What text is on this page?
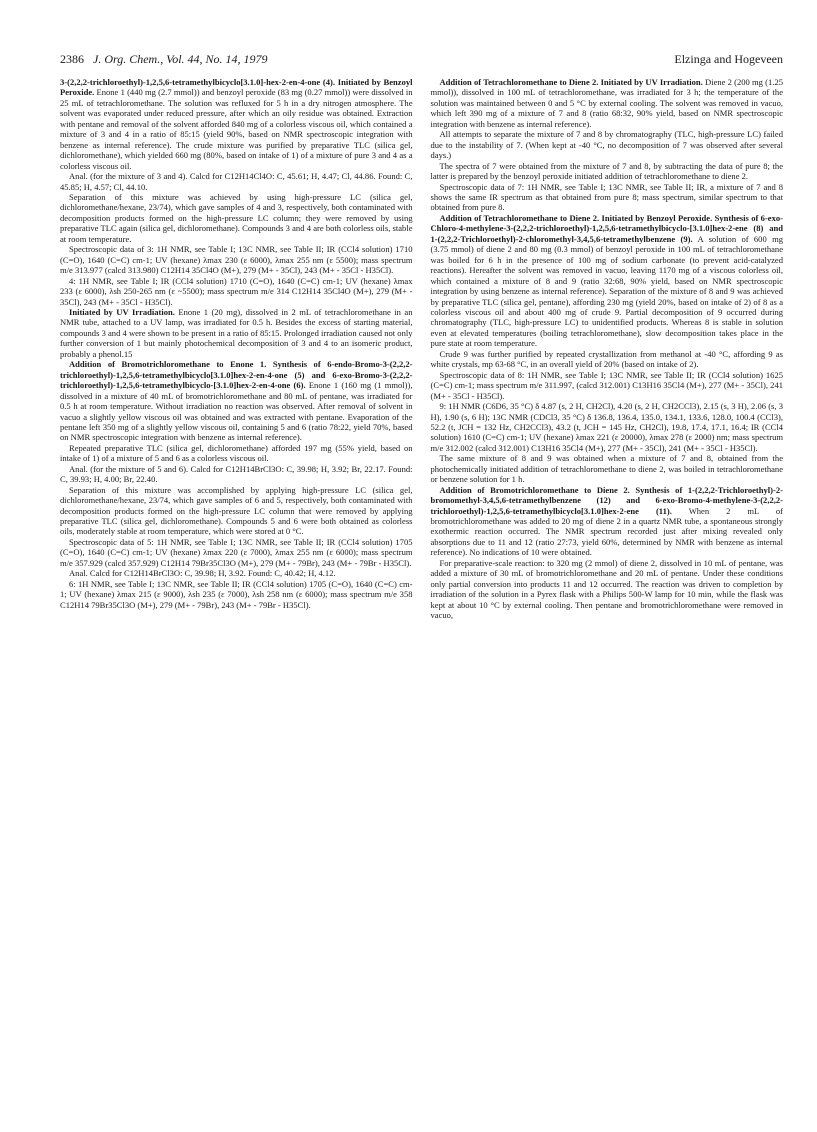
2386 J. Org. Chem., Vol. 44, No. 14, 1979	Elzinga and Hogeveen

3-(2,2,2-trichloroethyl)-1,2,5,6-tetramethylbicyclo[3.1.0]-hex-2-en-4-one (4). Initiated by Benzoyl Peroxide. Enone 1 (440 mg (2.7 mmol)) and benzoyl peroxide (83 mg (0.27 mmol)) were dissolved in 25 mL of tetrachloromethane. The solution was refluxed for 5 h in a dry nitrogen atmosphere. The solvent was evaporated under reduced pressure, after which an oily residue was obtained. Extraction with pentane and removal of the solvent afforded 840 mg of a colorless viscous oil, which contained a mixture of 3 and 4 in a ratio of 85:15 (yield 90%, based on NMR spectroscopic integration with benzene as internal reference). The crude mixture was purified by preparative TLC (silica gel, dichloromethane), which yielded 660 mg (80%, based on intake of 1) of a mixture of pure 3 and 4 as a colorless viscous oil.

Anal. (for the mixture of 3 and 4). Calcd for C12H14Cl4O: C, 45.61; H, 4.47; Cl, 44.86. Found: C, 45.85; H, 4.57; Cl, 44.10.

Separation of this mixture was achieved by using high-pressure LC (silica gel, dichloromethane/hexane, 23/74), which gave samples of 4 and 3, respectively, both contaminated with decomposition products formed on the high-pressure LC column; they were removed by using preparative TLC again (silica gel, dichloromethane). Compounds 3 and 4 are both colorless oils, stable at room temperature.

Spectroscopic data of 3: 1H NMR, see Table I; 13C NMR, see Table II; IR (CCl4 solution) 1710 (C=O), 1640 (C=C) cm-1; UV (hexane) λmax 230 (ε 6000), λmax 255 nm (ε 5500); mass spectrum m/e 313.977 (calcd 313.980) C12H14 35Cl4O (M+), 279 (M+ - 35Cl), 243 (M+ - 35Cl - H35Cl).

4: 1H NMR, see Table I; IR (CCl4 solution) 1710 (C=O), 1640 (C=C) cm-1; UV (hexane) λmax 233 (ε 6000), λsh 250-265 nm (ε ~5500); mass spectrum m/e 314 C12H14 35Cl4O (M+), 279 (M+ - 35Cl), 243 (M+ - 35Cl - H35Cl).

Initiated by UV Irradiation. Enone 1 (20 mg), dissolved in 2 mL of tetrachloromethane in an NMR tube, attached to a UV lamp, was irradiated for 0.5 h. Besides the excess of starting material, compounds 3 and 4 were shown to be present in a ratio of 85:15. Prolonged irradiation caused not only further conversion of 1 but mainly photochemical decomposition of 3 and 4 to an isomeric product, probably a phenol.15

Addition of Bromotrichloromethane to Enone 1. Synthesis of 6-endo-Bromo-3-(2,2,2-trichloroethyl)-1,2,5,6-tetramethylbicyclo[3.1.0]hex-2-en-4-one (5) and 6-exo-Bromo-3-(2,2,2-trichloroethyl)-1,2,5,6-tetramethylbicyclo-[3.1.0]hex-2-en-4-one (6). Enone 1 (160 mg (1 mmol)), dissolved in a mixture of 40 mL of bromotrichloromethane and 80 mL of pentane, was irradiated for 0.5 h at room temperature. Without irradiation no reaction was observed. After removal of solvent in vacuo a slightly yellow viscous oil was obtained and was extracted with pentane. Evaporation of the pentane left 350 mg of a slightly yellow viscous oil, containing 5 and 6 (ratio 78:22, yield 70%, based on NMR spectroscopic integration with benzene as internal reference).

Repeated preparative TLC (silica gel, dichloromethane) afforded 197 mg (55% yield, based on intake of 1) of a mixture of 5 and 6 as a colorless viscous oil.

Anal. (for the mixture of 5 and 6). Calcd for C12H14BrCl3O: C, 39.98; H, 3.92; Br, 22.17. Found: C, 39.93; H, 4.00; Br, 22.40.

Separation of this mixture was accomplished by applying high-pressure LC (silica gel, dichloromethane/hexane, 23/74, which gave samples of 6 and 5, respectively, both contaminated with decomposition products formed on the high-pressure LC column that were removed by applying preparative TLC (silica gel, dichloromethane). Compounds 5 and 6 were both obtained as colorless oils, moderately stable at room temperature, which were stored at 0 °C.

Spectroscopic data of 5: 1H NMR, see Table I; 13C NMR, see Table II; IR (CCl4 solution) 1705 (C=O), 1640 (C=C) cm-1; UV (hexane) λmax 220 (ε 7000), λmax 255 nm (ε 6000); mass spectrum m/e 357.929 (calcd 357.929) C12H14 79Br35Cl3O (M+), 279 (M+ - 79Br), 243 (M+ - 79Br - H35Cl).

Anal. Calcd for C12H14BrCl3O: C, 39.98; H, 3.92. Found: C, 40.42; H, 4.12.

6: 1H NMR, see Table I; 13C NMR, see Table II; IR (CCl4 solution) 1705 (C=O), 1640 (C=C) cm-1; UV (hexane) λmax 215 (ε 9000), λsh 235 (ε 7000), λsh 258 nm (ε 6000); mass spectrum m/e 358 C12H14 79Br35Cl3O (M+), 279 (M+ - 79Br), 243 (M+ - 79Br - H35Cl).

Addition of Tetrachloromethane to Diene 2. Initiated by UV Irradiation. Diene 2 (200 mg (1.25 mmol)), dissolved in 100 mL of tetrachloromethane, was irradiated for 3 h; the temperature of the solution was maintained between 0 and 5 °C by external cooling. The solvent was removed in vacuo, which left 390 mg of a mixture of 7 and 8 (ratio 68:32, 90% yield, based on NMR spectroscopic integration with benzene as internal reference).

All attempts to separate the mixture of 7 and 8 by chromatography (TLC, high-pressure LC) failed due to the instability of 7. (When kept at -40 °C, no decomposition of 7 was observed after several days.)

The spectra of 7 were obtained from the mixture of 7 and 8, by subtracting the data of pure 8; the latter is prepared by the benzoyl peroxide initiated addition of tetrachloromethane to diene 2.

Spectroscopic data of 7: 1H NMR, see Table I; 13C NMR, see Table II; IR, a mixture of 7 and 8 shows the same IR spectrum as that obtained from pure 8; mass spectrum, similar spectrum to that obtained from pure 8.

Addition of Tetrachloromethane to Diene 2. Initiated by Benzoyl Peroxide. Synthesis of 6-exo-Chloro-4-methylene-3-(2,2,2-trichloroethyl)-1,2,5,6-tetramethylbicyclo-[3.1.0]hex-2-ene (8) and 1-(2,2,2-Trichloroethyl)-2-chloromethyl-3,4,5,6-tetramethylbenzene (9). A solution of 600 mg (3.75 mmol) of diene 2 and 80 mg (0.3 mmol) of benzoyl peroxide in 100 mL of tetrachloromethane was boiled for 6 h in the presence of 100 mg of sodium carbonate (to prevent acid-catalyzed reactions). Hereafter the solvent was removed in vacuo, leaving 1170 mg of a viscous colorless oil, which contained a mixture of 8 and 9 (ratio 32:68, 90% yield, based on NMR spectroscopic integration by using benzene as internal reference). Separation of the mixture of 8 and 9 was achieved by preparative TLC (silica gel, pentane), affording 230 mg (yield 20%, based on intake of 2) of 8 as a colorless viscous oil and about 400 mg of crude 9. Partial decomposition of 9 occurred during chromatography (TLC, high-pressure LC) to unidentified products. Whereas 8 is stable in solution even at elevated temperatures (boiling tetrachloromethane), slow decomposition takes place in the pure state at room temperature.

Crude 9 was further purified by repeated crystallization from methanol at -40 °C, affording 9 as white crystals, mp 63-68 °C, in an overall yield of 20% (based on intake of 2).

Spectroscopic data of 8: 1H NMR, see Table I; 13C NMR, see Table II; IR (CCl4 solution) 1625 (C=C) cm-1; mass spectrum m/e 311.997, (calcd 312.001) C13H16 35Cl4 (M+), 277 (M+ - 35Cl), 241 (M+ - 35Cl - H35Cl).

9: 1H NMR (C6D6, 35 °C) δ 4.87 (s, 2 H, CH2Cl), 4.20 (s, 2 H, CH2CCl3), 2.15 (s, 3 H), 2.06 (s, 3 H), 1.90 (s, 6 H); 13C NMR (CDCl3, 35 °C) δ 136.8, 136.4, 135.0, 134.1, 133.6, 128.0, 100.4 (CCl3), 52.2 (t, JCH = 132 Hz, CH2CCl3), 43.2 (t, JCH = 145 Hz, CH2Cl), 19.8, 17.4, 17.1, 16.4; IR (CCl4 solution) 1610 (C=C) cm-1; UV (hexane) λmax 221 (ε 20000), λmax 278 (ε 2000) nm; mass spectrum m/e 312.002 (calcd 312.001) C13H16 35Cl4 (M+), 277 (M+ - 35Cl), 241 (M+ - 35Cl - H35Cl).

The same mixture of 8 and 9 was obtained when a mixture of 7 and 8, obtained from the photochemically initiated addition of tetrachloromethane to diene 2, was boiled in tetrachloromethane or benzene solution for 1 h.

Addition of Bromotrichloromethane to Diene 2. Synthesis of 1-(2,2,2-Trichloroethyl)-2-bromomethyl-3,4,5,6-tetramethylbenzene (12) and 6-exo-Bromo-4-methylene-3-(2,2,2-trichloroethyl)-1,2,5,6-tetramethylbicyclo[3.1.0]hex-2-ene (11). When 2 mL of bromotrichloromethane was added to 20 mg of diene 2 in a quartz NMR tube, a spontaneous strongly exothermic reaction occurred. The NMR spectrum recorded just after mixing revealed only absorptions due to 11 and 12 (ratio 27:73, yield 60%, determined by NMR with benzene as internal reference). No indications of 10 were obtained.

For preparative-scale reaction: to 320 mg (2 mmol) of diene 2, dissolved in 10 mL of pentane, was added a mixture of 30 mL of bromotrichloromethane and 20 mL of pentane. Under these conditions only partial conversion into products 11 and 12 occurred. The reaction was driven to completion by irradiation of the solution in a Pyrex flask with a Philips 500-W lamp for 10 min, while the flask was kept at about 10 °C by external cooling. Then pentane and bromotrichloromethane were removed in vacuo,
